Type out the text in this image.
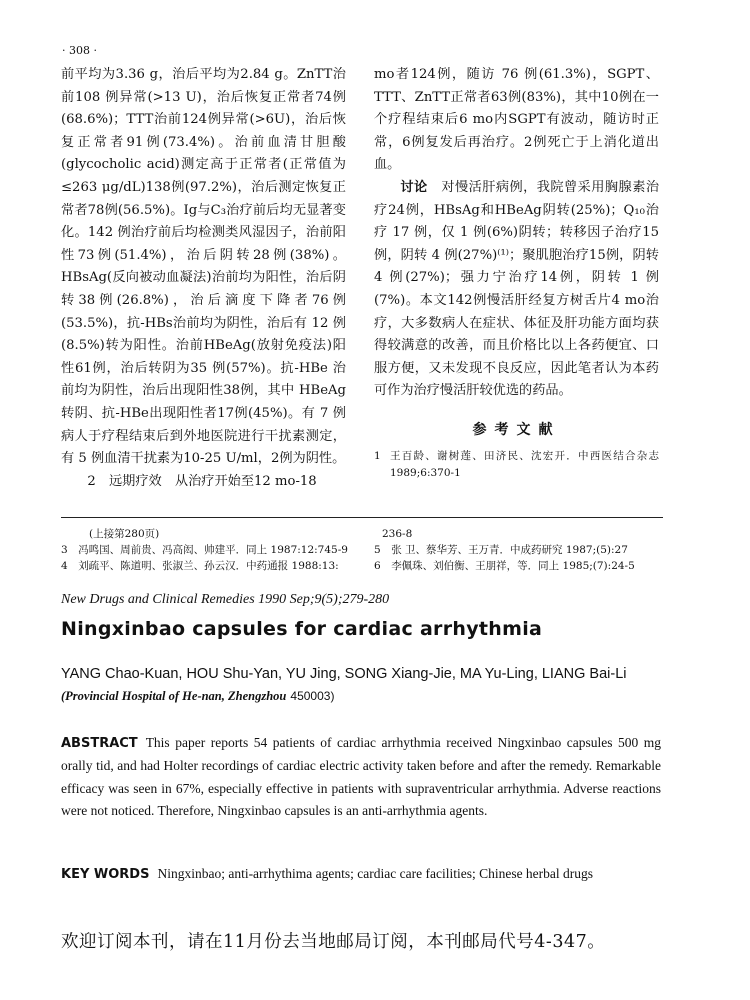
· 308 ·

前平均为3.36 g，治后平均为2.84 g。ZnTT治前108 例异常(>13 U)，治后恢复正常者74例(68.6%)；TTT治前124例异常(>6U)，治后恢复正常者91例(73.4%)。治前血清甘胆酸(glycocholic acid)测定高于正常者(正常值为≤263 μg/dL)138例(97.2%)，治后测定恢复正常者78例(56.5%)。Ig与C₃治疗前后均无显著变化。142 例治疗前后均检测类风湿因子，治前阳性73例(51.4%)，治后阴转28例(38%)。HBsAg(反向被动血凝法)治前均为阳性，治后阴转38例(26.8%)，治后滴度下降者76例(53.5%)，抗-HBs治前均为阴性，治后有 12 例(8.5%)转为阳性。治前HBeAg(放射免疫法)阳性61例，治后转阴为35 例(57%)。抗-HBe 治前均为阴性，治后出现阳性38例，其中 HBeAg转阴、抗-HBe出现阳性者17例(45%)。有 7 例病人于疗程结束后到外地医院进行干扰素测定，有 5 例血清干扰素为10-25 U/ml，2例为阴性。

2　远期疗效　从治疗开始至12 mo-18

mo者124例，随访 76 例(61.3%)，SGPT、TTT、ZnTT正常者63例(83%)，其中10例在一个疗程结束后6 mo内SGPT有波动，随访时正常，6例复发后再治疗。2例死亡于上消化道出血。

讨论　 对慢活肝病例，我院曾采用胸腺素治疗24例，HBsAg和HBeAg阴转(25%)；Q₁₀治疗 17 例，仅 1 例(6%)阴转；转移因子治疗15例，阴转 4 例(27%)⁽¹⁾；聚肌胞治疗15例，阴转 4 例(27%)；强力宁治疗14例，阴转 1 例(7%)。本文142例慢活肝经复方树舌片4 mo治疗，大多数病人在症状、体征及肝功能方面均获得较满意的改善，而且价格比以上各药便宜、口服方便，又未发现不良反应，因此笔者认为本药可作为治疗慢活肝较优选的药品。

参考文献
1 王百龄、谢树莲、田济民、沈宏开．中西医结合杂志 1989;6:370-1
(上接第280页)
3　 冯鸣国、周前贵、冯高闳、帅建平．同上 1987:12:745-9
4　 刘疏平、陈道明、张淑兰、孙云汉．中药通报 1988:13:
236-8
5　 张 卫、蔡华芳、王万青．中成药研究 1987;(5):27
6　 李佩珠、刘伯衡、王朋祥，等．同上 1985;(7):24-5
New Drugs and Clinical Remedies 1990 Sep;9(5);279-280
Ningxinbao capsules for cardiac arrhythmia
YANG Chao-Kuan, HOU Shu-Yan, YU Jing, SONG Xiang-Jie, MA Yu-Ling, LIANG Bai-Li (Provincial Hospital of He-nan, Zhengzhou 450003)
ABSTRACT This paper reports 54 patients of cardiac arrhythmia received Ningxinbao capsules 500 mg orally tid, and had Holter recordings of cardiac electric activity taken before and after the remedy. Remarkable efficacy was seen in 67%, especially effective in patients with supraventricular arrhythmia. Adverse reactions were not noticed. Therefore, Ningxinbao capsules is an anti-arrhythmia agents.
KEY WORDS Ningxinbao; anti-arrhythima agents; cardiac care facilities; Chinese herbal drugs
欢迎订阅本刊，请在11月份去当地邮局订阅，本刊邮局代号4-347。
